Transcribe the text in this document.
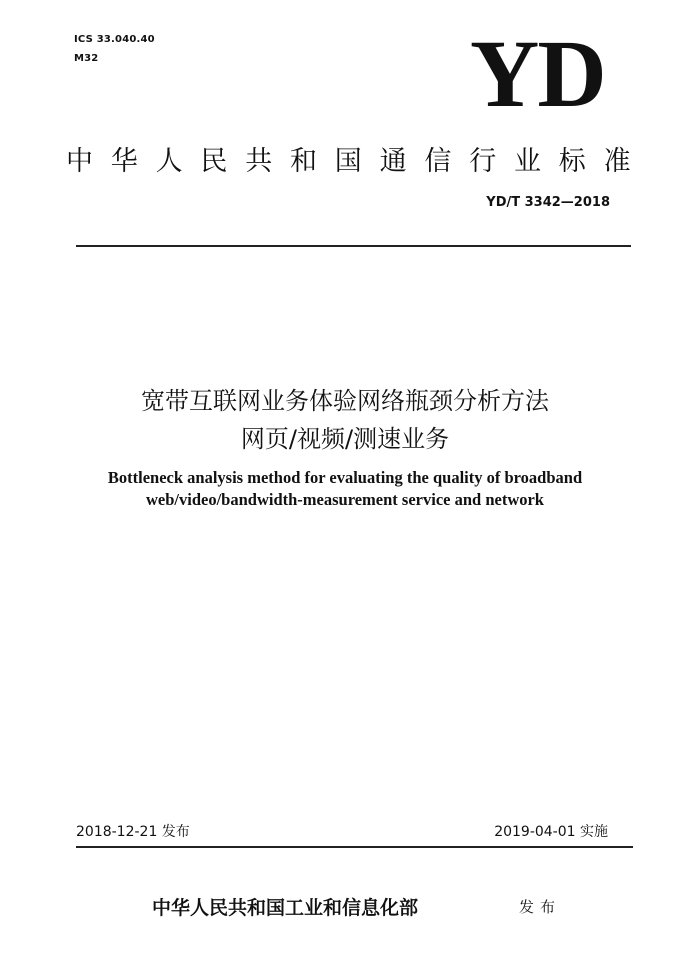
ICS 33.040.40
M32	YD
中华人民共和国通信行业标准
YD/T 3342—2018
宽带互联网业务体验网络瓶颈分析方法
网页/视频/测速业务
Bottleneck analysis method for evaluating the quality of broadband
web/video/bandwidth-measurement service and network
2018-12-21 发布	2019-04-01 实施
中华人民共和国工业和信息化部	发布
